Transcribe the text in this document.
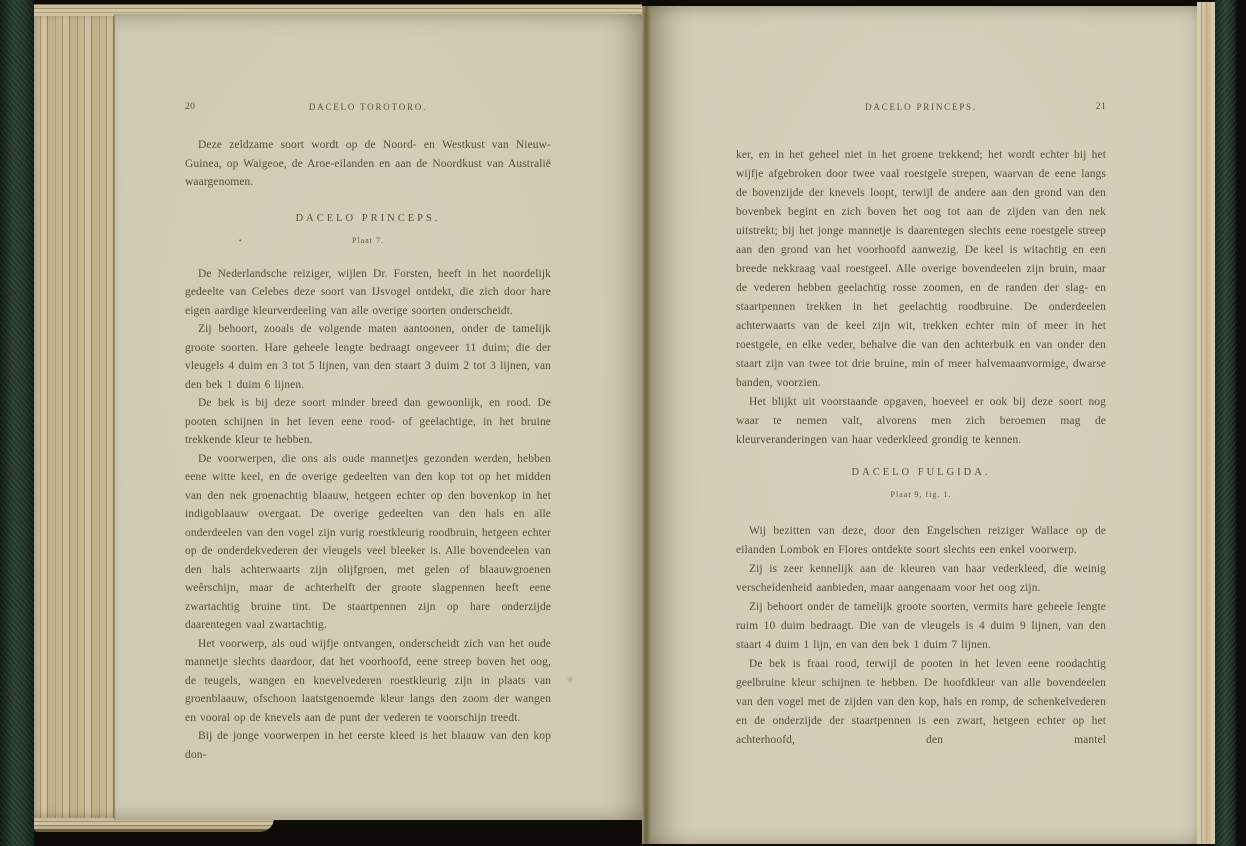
20	DACELO TOROTORO.

Deze zeldzame soort wordt op de Noord- en Westkust van Nieuw-Guinea, op Waigeoe, de Aroe-eilanden en aan de Noordkust van Australië waargenomen.

DACELO PRINCEPS.
•	Plaat 7.

De Nederlandsche reiziger, wijlen Dr. Forsten, heeft in het noordelijk gedeelte van Celebes deze soort van IJsvogel ontdekt, die zich door hare eigen aardige kleurverdeeling van alle overige soorten onderscheidt.

Zij behoort, zooals de volgende maten aantoonen, onder de tamelijk groote soorten. Hare geheele lengte bedraagt ongeveer 11 duim; die der vleugels 4 duim en 3 tot 5 lijnen, van den staart 3 duim 2 tot 3 lijnen, van den bek 1 duim 6 lijnen.

De bek is bij deze soort minder breed dan gewoonlijk, en rood. De pooten schijnen in het leven eene rood- of geelachtige, in het bruine trekkende kleur te hebben.

De voorwerpen, die ons als oude mannetjes gezonden werden, hebben eene witte keel, en de overige gedeelten van den kop tot op het midden van den nek groenachtig blaauw, hetgeen echter op den bovenkop in het indigoblaauw overgaat. De overige gedeelten van den hals en alle onderdeelen van den vogel zijn vurig roestkleurig roodbruin, hetgeen echter op de onderdekvederen der vleugels veel bleeker is. Alle bovendeelen van den hals achterwaarts zijn olijfgroen, met gelen of blaauwgroenen weêrschijn, maar de achterhelft der groote slagpennen heeft eene zwartachtig bruine tint. De staartpennen zijn op hare onderzijde daarentegen vaal zwartachtig.

Het voorwerp, als oud wijfje ontvangen, onderscheidt zich van het oude mannetje slechts daardoor, dat het voorhoofd, eene streep boven het oog, de teugels, wangen en knevelvederen roestkleurig zijn in plaats van groenblaauw, ofschoon laatstgenoemde kleur langs den zoom der wangen en vooral op de knevels aan de punt der vederen te voorschijn treedt.

Bij de jonge voorwerpen in het eerste kleed is het blaauw van den kop don-

DACELO PRINCEPS.	21

ker, en in het geheel niet in het groene trekkend; het wordt echter bij het wijfje afgebroken door twee vaal roestgele strepen, waarvan de eene langs de bovenzijde der knevels loopt, terwijl de andere aan den grond van den bovenbek begint en zich boven het oog tot aan de zijden van den nek uitstrekt; bij het jonge mannetje is daarentegen slechts eene roestgele streep aan den grond van het voorhoofd aanwezig. De keel is witachtig en een breede nekkraag vaal roestgeel. Alle overige bovendeelen zijn bruin, maar de vederen hebben geelachtig rosse zoomen, en de randen der slag- en staartpennen trekken in het geelachtig roodbruine. De onderdeelen achterwaarts van de keel zijn wit, trekken echter min of meer in het roestgele, en elke veder, behalve die van den achterbuik en van onder den staart zijn van twee tot drie bruine, min of meer halvemaanvormige, dwarse banden, voorzien.

Het blijkt uit voorstaande opgaven, hoeveel er ook bij deze soort nog waar te nemen valt, alvorens men zich beroemen mag de kleurveranderingen van haar vederkleed grondig te kennen.

DACELO FULGIDA.
Plaat 9, fig. 1.

Wij bezitten van deze, door den Engelschen reiziger Wallace op de eilanden Lombok en Flores ontdekte soort slechts een enkel voorwerp.

Zij is zeer kennelijk aan de kleuren van haar vederkleed, die weinig verscheidenheid aanbieden, maar aangenaam voor het oog zijn.

Zij behoort onder de tamelijk groote soorten, vermits hare geheele lengte ruim 10 duim bedraagt. Die van de vleugels is 4 duim 9 lijnen, van den staart 4 duim 1 lijn, en van den bek 1 duim 7 lijnen.

De bek is fraai rood, terwijl de pooten in het leven eene roodachtig geelbruine kleur schijnen te hebben. De hoofdkleur van alle bovendeelen van den vogel met de zijden van den kop, hals en romp, de schenkelvederen en de onderzijde der staartpennen is een zwart, hetgeen echter op het achterhoofd, den mantel
